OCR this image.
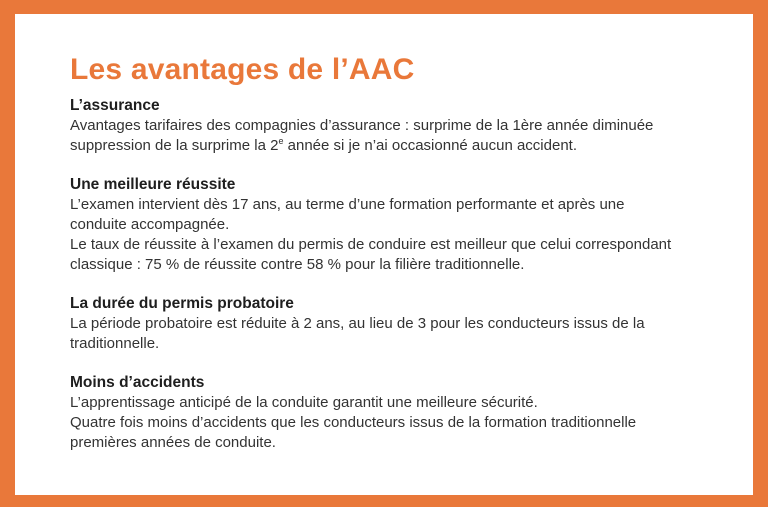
Les avantages de l’AAC
L’assurance

Avantages tarifaires des compagnies d’assurance : surprime de la 1ère année diminuée

suppression de la surprime la 2e année si je n’ai occasionné aucun accident.

Une meilleure réussite

L’examen intervient dès 17 ans, au terme d’une formation performante et après une

conduite accompagnée.

Le taux de réussite à l’examen du permis de conduire est meilleur que celui correspondant

classique : 75 % de réussite contre 58 % pour la filière traditionnelle.

La durée du permis probatoire

La période probatoire est réduite à 2 ans, au lieu de 3 pour les conducteurs issus de la

traditionnelle.

Moins d’accidents

L’apprentissage anticipé de la conduite garantit une meilleure sécurité.

Quatre fois moins d’accidents que les conducteurs issus de la formation traditionnelle

premières années de conduite.
